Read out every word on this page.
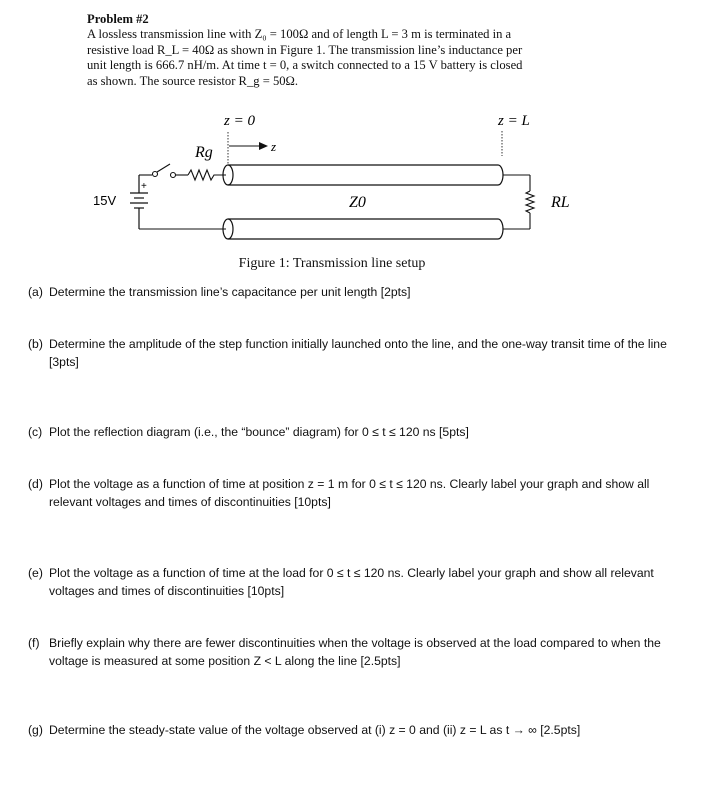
Problem #2
A lossless transmission line with Z₀ = 100Ω and of length L = 3 m is terminated in a
resistive load R_L = 40Ω as shown in Figure 1. The transmission line’s inductance per
unit length is 666.7 nH/m. At time t = 0, a switch connected to a 15 V battery is closed
as shown. The source resistor R_g = 50Ω.
z = 0	z = L
z
Rg
15V
+
Z0	RL
Figure 1: Transmission line setup
(a) Determine the transmission line’s capacitance per unit length [2pts]
(b) Determine the amplitude of the step function initially launched onto the line, and the one-way transit time of the line [3pts]
(c) Plot the reflection diagram (i.e., the “bounce” diagram) for 0 ≤ t ≤ 120 ns [5pts]
(d) Plot the voltage as a function of time at position z = 1 m for 0 ≤ t ≤ 120 ns. Clearly label your graph and show all relevant voltages and times of discontinuities [10pts]
(e) Plot the voltage as a function of time at the load for 0 ≤ t ≤ 120 ns. Clearly label your graph and show all relevant voltages and times of discontinuities [10pts]
(f) Briefly explain why there are fewer discontinuities when the voltage is observed at the load compared to when the voltage is measured at some position Z < L along the line [2.5pts]
(g) Determine the steady-state value of the voltage observed at (i) z = 0 and (ii) z = L as t → ∞ [2.5pts]
